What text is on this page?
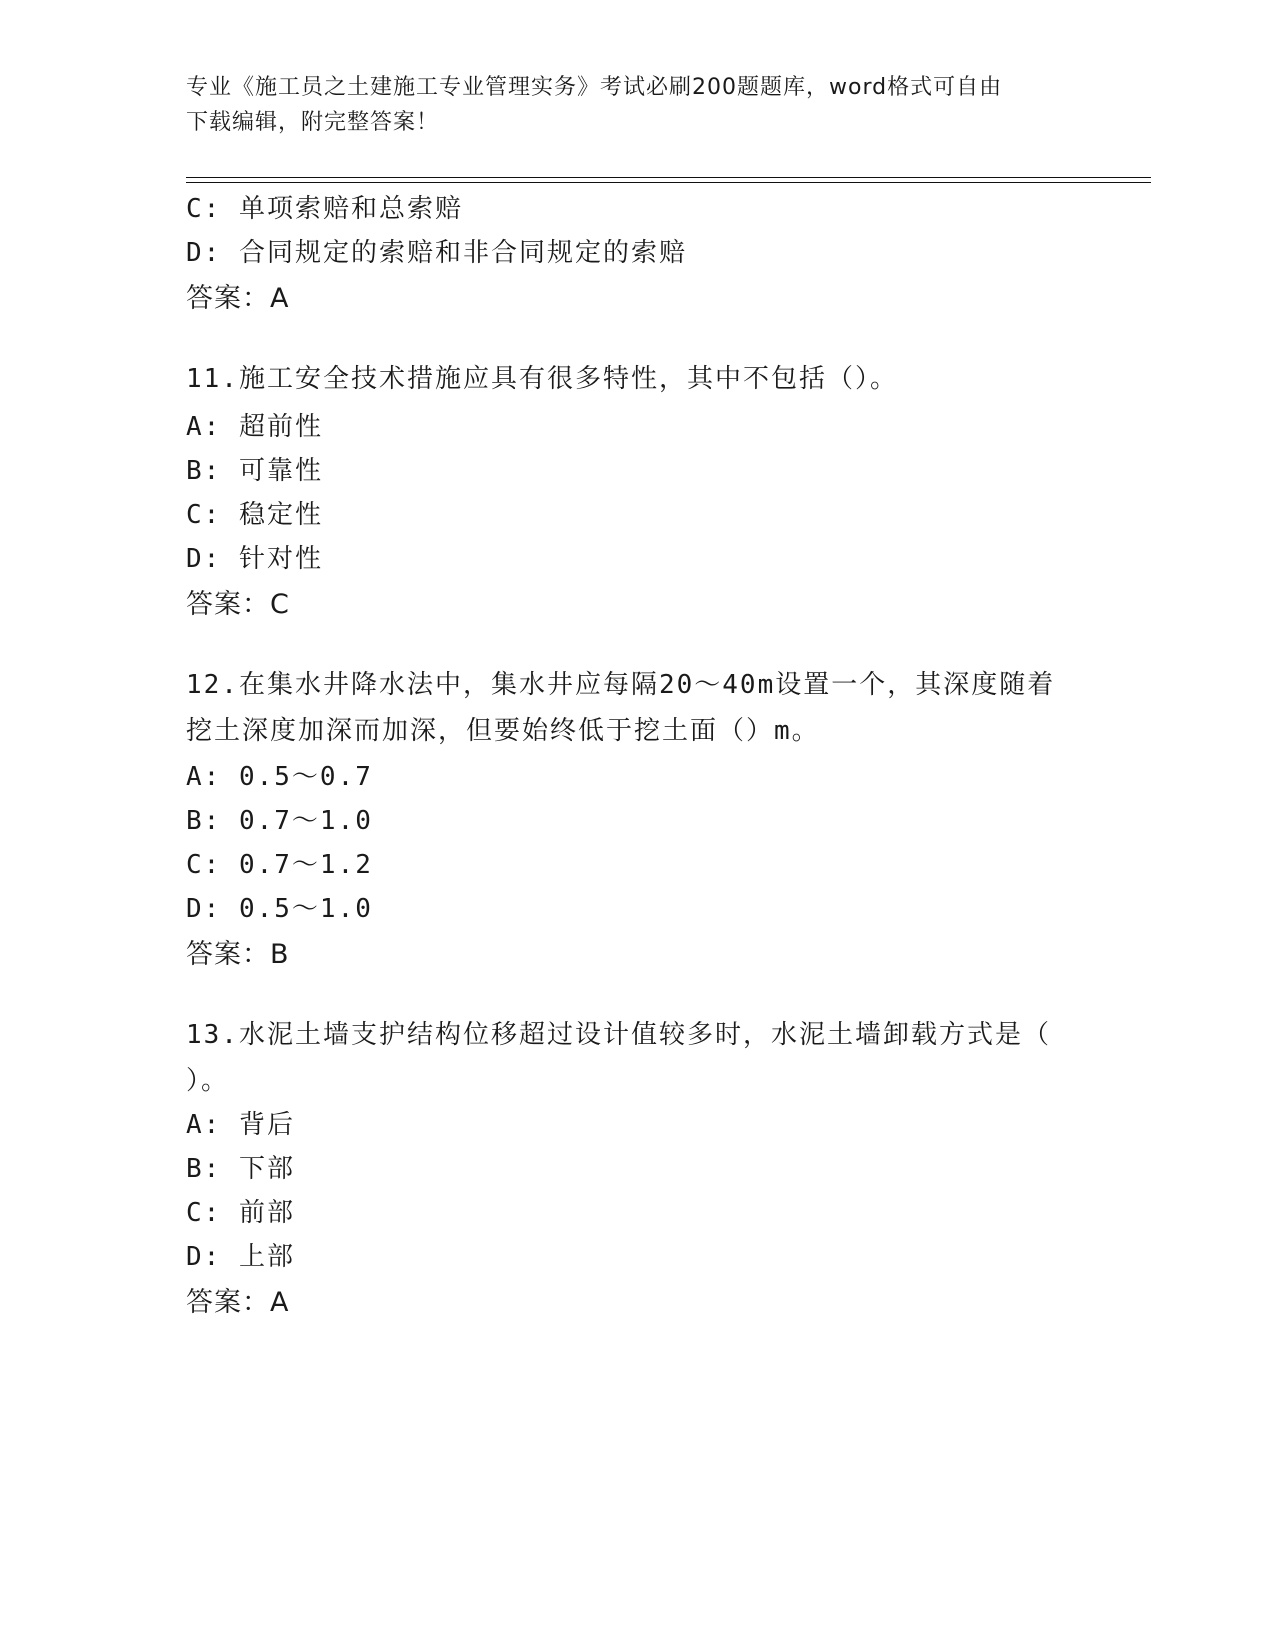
专业《施工员之土建施工专业管理实务》考试必刷200题题库，word格式可自由
下载编辑，附完整答案！
C: 单项索赔和总索赔
D: 合同规定的索赔和非合同规定的索赔
答案：A
11.施工安全技术措施应具有很多特性，其中不包括（）。
A: 超前性
B: 可靠性
C: 稳定性
D: 针对性
答案：C
12.在集水井降水法中，集水井应每隔20～40m设置一个，其深度随着
挖土深度加深而加深，但要始终低于挖土面（）m。
A: 0.5～0.7
B: 0.7～1.0
C: 0.7～1.2
D: 0.5～1.0
答案：B
13.水泥土墙支护结构位移超过设计值较多时，水泥土墙卸载方式是（
）。
A: 背后
B: 下部
C: 前部
D: 上部
答案：A
